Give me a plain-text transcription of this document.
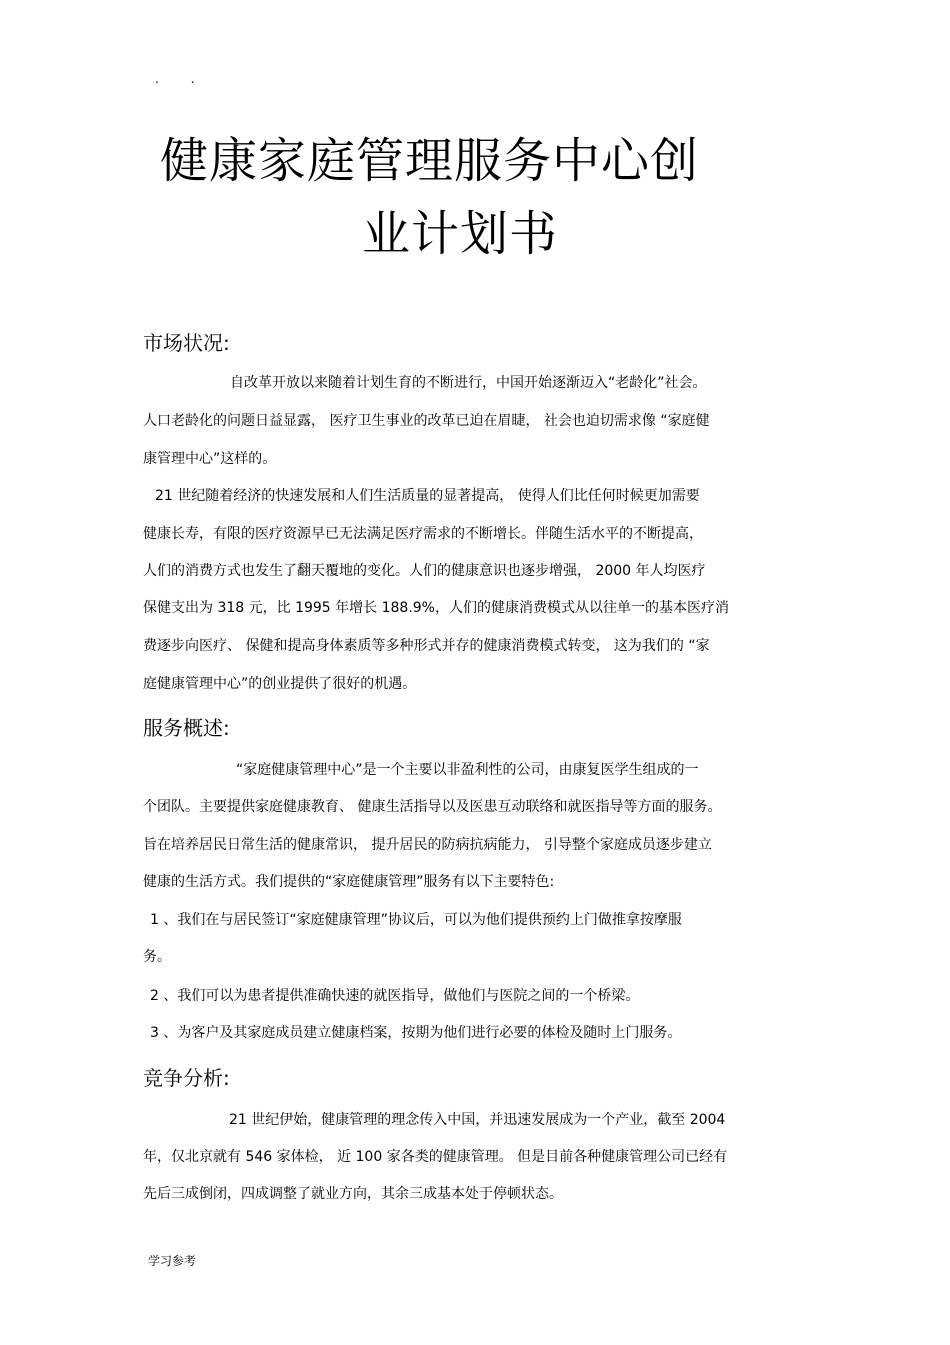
. .
健康家庭管理服务中心创
业计划书
市场状况:
自改革开放以来随着计划生育的不断进行，中国开始逐渐迈入“老龄化”社会。
人口老龄化的问题日益显露， 医疗卫生事业的改革已迫在眉睫， 社会也迫切需求像 “家庭健
康管理中心”这样的。
21 世纪随着经济的快速发展和人们生活质量的显著提高， 使得人们比任何时候更加需要
健康长寿，有限的医疗资源早已无法满足医疗需求的不断增长。伴随生活水平的不断提高，
人们的消费方式也发生了翻天覆地的变化。人们的健康意识也逐步增强， 2000 年人均医疗
保健支出为 318 元，比 1995 年增长 188.9%，人们的健康消费模式从以往单一的基本医疗消
费逐步向医疗、 保健和提高身体素质等多种形式并存的健康消费模式转变， 这为我们的 “家
庭健康管理中心”的创业提供了很好的机遇。
服务概述:
“家庭健康管理中心”是一个主要以非盈利性的公司，由康复医学生组成的一
个团队。主要提供家庭健康教育、 健康生活指导以及医患互动联络和就医指导等方面的服务。
旨在培养居民日常生活的健康常识， 提升居民的防病抗病能力， 引导整个家庭成员逐步建立
健康的生活方式。我们提供的“家庭健康管理”服务有以下主要特色:
1 、我们在与居民签订“家庭健康管理”协议后，可以为他们提供预约上门做推拿按摩服
务。
2 、我们可以为患者提供准确快速的就医指导，做他们与医院之间的一个桥梁。
3 、为客户及其家庭成员建立健康档案，按期为他们进行必要的体检及随时上门服务。
竞争分析:
21 世纪伊始，健康管理的理念传入中国，并迅速发展成为一个产业，截至 2004
年，仅北京就有 546 家体检， 近 100 家各类的健康管理。 但是目前各种健康管理公司已经有
先后三成倒闭，四成调整了就业方向，其余三成基本处于停顿状态。
学习参考
